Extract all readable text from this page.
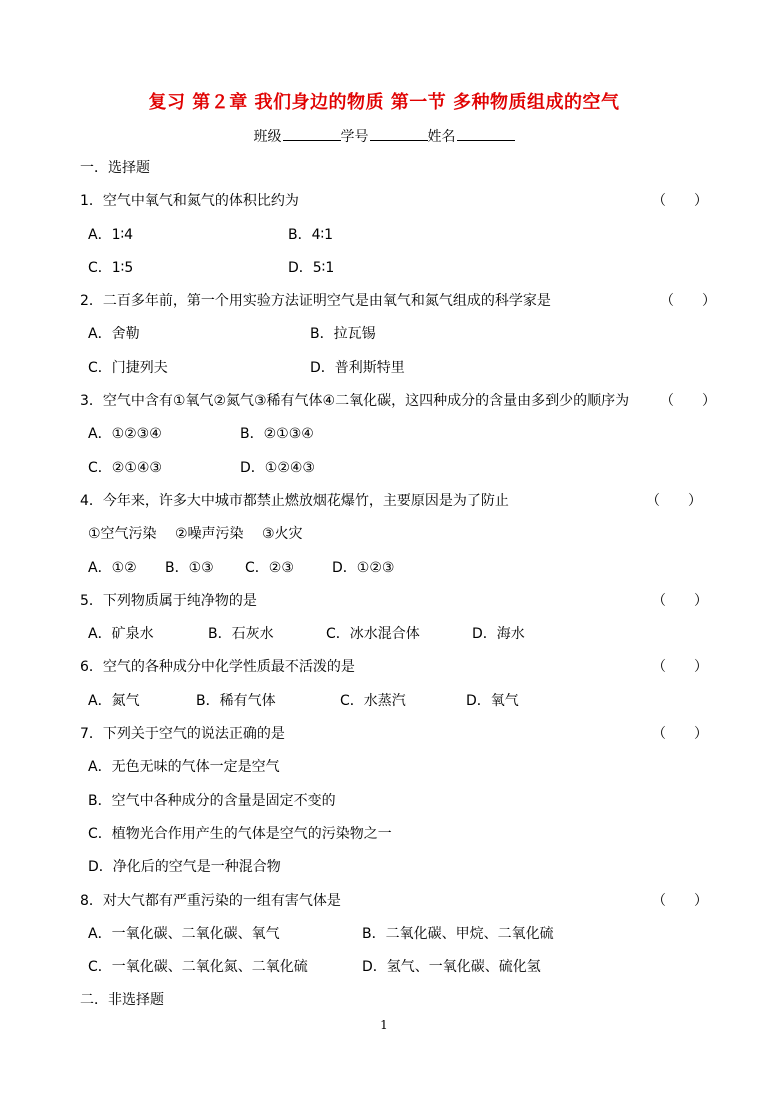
复习 第２章 我们身边的物质 第一节 多种物质组成的空气
班级	学号	姓名
一．选择题
1．空气中氧气和氮气的体积比约为	（　　）
A．1∶4	B．4∶1
C．1∶5	D．5∶1
2．二百多年前，第一个用实验方法证明空气是由氧气和氮气组成的科学家是	（　　）
A．舍勒	B．拉瓦锡
C．门捷列夫	D．普利斯特里
3．空气中含有①氧气②氮气③稀有气体④二氧化碳，这四种成分的含量由多到少的顺序为 （　　）
A．①②③④	B．②①③④
C．②①④③	D．①②④③
4．今年来，许多大中城市都禁止燃放烟花爆竹，主要原因是为了防止	（　　）
①空气污染　 ②噪声污染　 ③火灾
A．①② B．①③ C．②③	D．①②③
5．下列物质属于纯净物的是	（　　）
A．矿泉水	B．石灰水	C．冰水混合体	D．海水
6．空气的各种成分中化学性质最不活泼的是	（　　）
A．氮气	B．稀有气体	C．水蒸汽	D．氧气
7．下列关于空气的说法正确的是	（　　）
A．无色无味的气体一定是空气
B．空气中各种成分的含量是固定不变的
C．植物光合作用产生的气体是空气的污染物之一
D．净化后的空气是一种混合物
8．对大气都有严重污染的一组有害气体是	（　　）
A．一氧化碳、二氧化碳、氧气	B．二氧化碳、甲烷、二氧化硫
C．一氧化碳、二氧化氮、二氧化硫	D．氢气、一氧化碳、硫化氢
二．非选择题
1
